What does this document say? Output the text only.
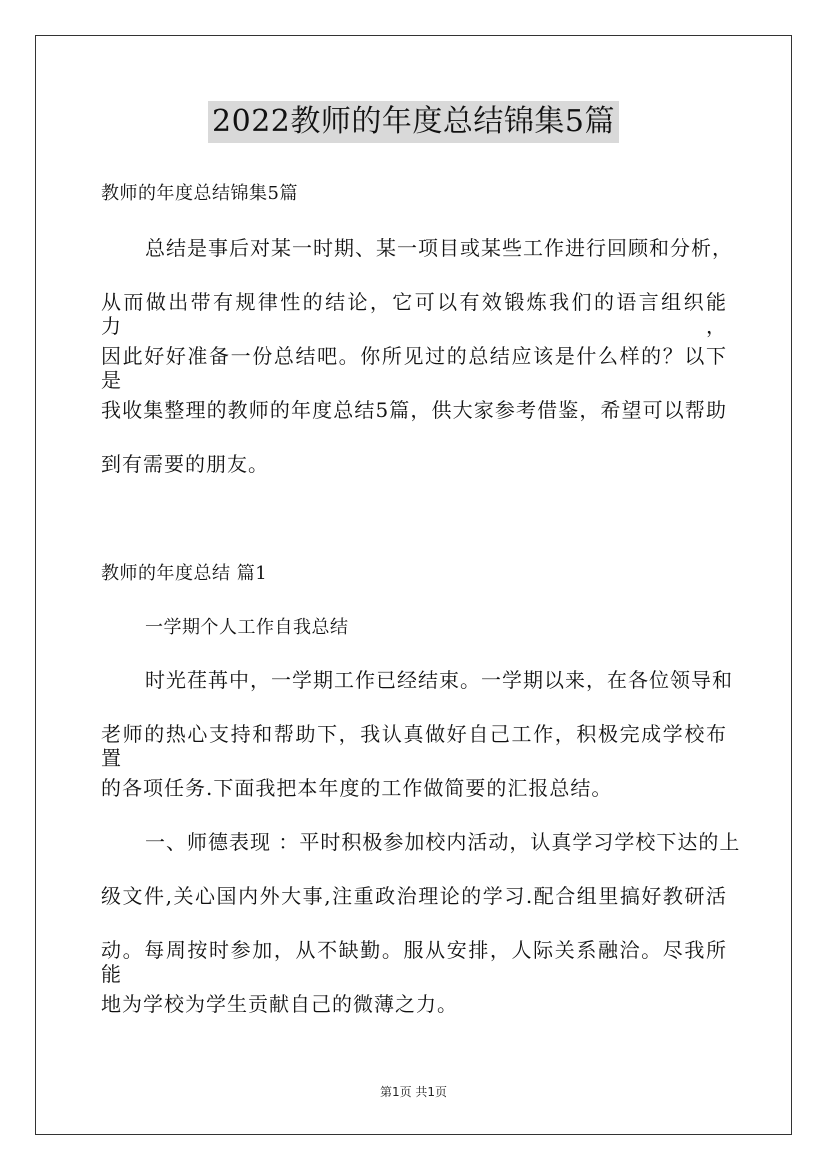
2022教师的年度总结锦集5篇
教师的年度总结锦集5篇
总结是事后对某一时期、某一项目或某些工作进行回顾和分析，
从而做出带有规律性的结论，它可以有效锻炼我们的语言组织能力，
因此好好准备一份总结吧。你所见过的总结应该是什么样的？以下是
我收集整理的教师的年度总结5篇，供大家参考借鉴，希望可以帮助
到有需要的朋友。
教师的年度总结 篇1
一学期个人工作自我总结
时光荏苒中，一学期工作已经结束。一学期以来，在各位领导和
老师的热心支持和帮助下，我认真做好自己工作，积极完成学校布置
的各项任务.下面我把本年度的工作做简要的汇报总结。
一、师德表现 ：平时积极参加校内活动，认真学习学校下达的上
级文件,关心国内外大事,注重政治理论的学习.配合组里搞好教研活
动。每周按时参加，从不缺勤。服从安排，人际关系融洽。尽我所能
地为学校为学生贡献自己的微薄之力。
第1页 共1页
